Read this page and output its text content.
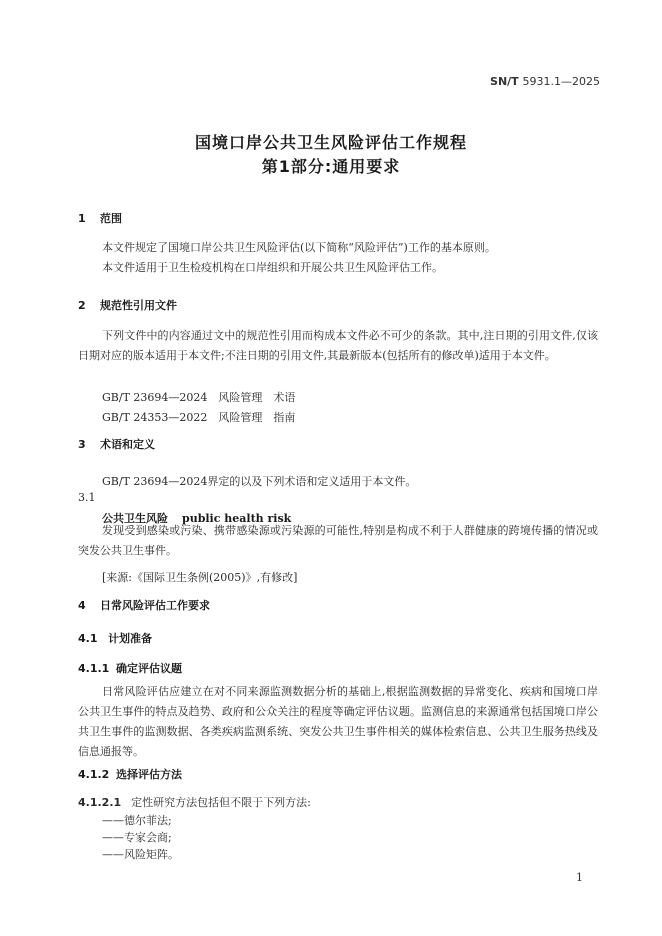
SN/T 5931.1—2025
国境口岸公共卫生风险评估工作规程
第1部分:通用要求
1 范围

本文件规定了国境口岸公共卫生风险评估(以下简称“风险评估”)工作的基本原则。

本文件适用于卫生检疫机构在口岸组织和开展公共卫生风险评估工作。

2 规范性引用文件

下列文件中的内容通过文中的规范性引用而构成本文件必不可少的条款。其中,注日期的引用文件,仅该日期对应的版本适用于本文件;不注日期的引用文件,其最新版本(包括所有的修改单)适用于本文件。

GB/T 23694—2024　风险管理　术语
GB/T 24353—2022　风险管理　指南
3 术语和定义
GB/T 23694—2024界定的以及下列术语和定义适用于本文件。
3.1
公共卫生风险 public health risk

发现受到感染或污染、携带感染源或污染源的可能性,特别是构成不利于人群健康的跨境传播的情况或突发公共卫生事件。

[来源:《国际卫生条例(2005)》,有修改]
4 日常风险评估工作要求
4.1 计划准备
4.1.1 确定评估议题

日常风险评估应建立在对不同来源监测数据分析的基础上,根据监测数据的异常变化、疾病和国境口岸公共卫生事件的特点及趋势、政府和公众关注的程度等确定评估议题。监测信息的来源通常包括国境口岸公共卫生事件的监测数据、各类疾病监测系统、突发公共卫生事件相关的媒体检索信息、公共卫生服务热线及信息通报等。

4.1.2 选择评估方法
4.1.2.1 定性研究方法包括但不限于下列方法:
——德尔菲法;
——专家会商;
——风险矩阵。
1
